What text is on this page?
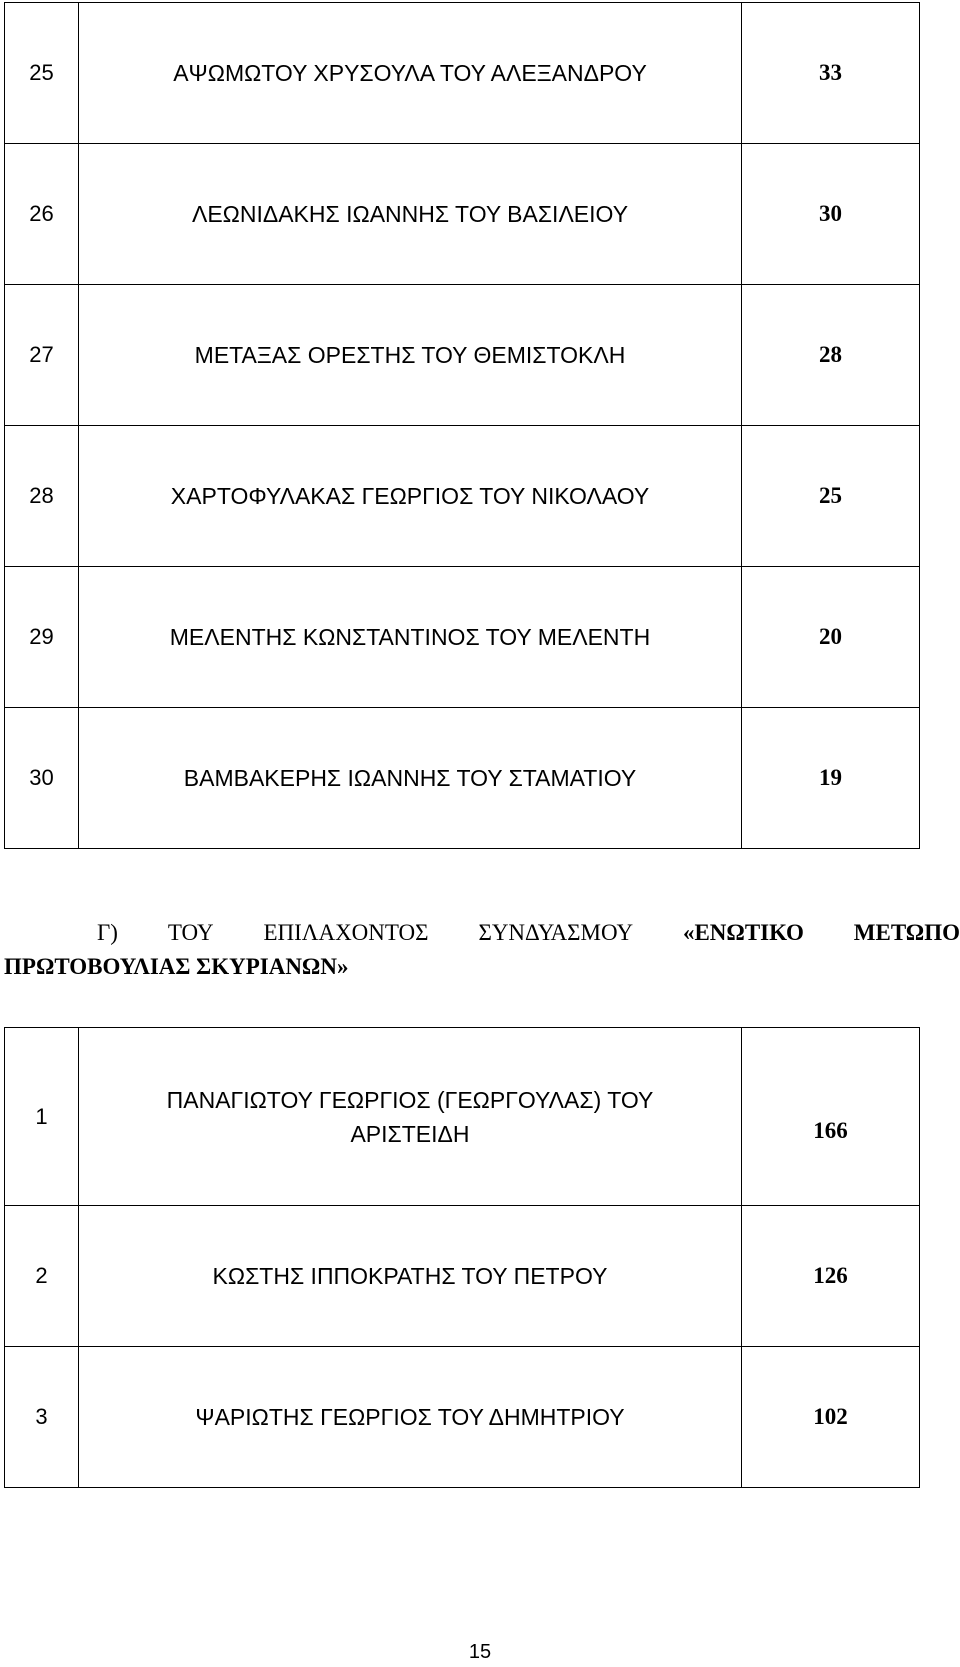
25	ΑΨΩΜΩΤΟΥ ΧΡΥΣΟΥΛΑ ΤΟΥ ΑΛΕΞΑΝΔΡΟΥ	33
26	ΛΕΩΝΙΔΑΚΗΣ ΙΩΑΝΝΗΣ ΤΟΥ ΒΑΣΙΛΕΙΟΥ	30
27	ΜΕΤΑΞΑΣ ΟΡΕΣΤΗΣ ΤΟΥ ΘΕΜΙΣΤΟΚΛΗ	28
28	ΧΑΡΤΟΦΥΛΑΚΑΣ ΓΕΩΡΓΙΟΣ ΤΟΥ ΝΙΚΟΛΑΟΥ	25
29	ΜΕΛΕΝΤΗΣ ΚΩΝΣΤΑΝΤΙΝΟΣ ΤΟΥ ΜΕΛΕΝΤΗ	20
30	ΒΑΜΒΑΚΕΡΗΣ ΙΩΑΝΝΗΣ ΤΟΥ ΣΤΑΜΑΤΙΟΥ	19
Γ) ΤΟΥ ΕΠΙΛΑΧΟΝΤΟΣ ΣΥΝΔΥΑΣΜΟΥ «ΕΝΩΤΙΚΟ ΜΕΤΩΠΟ
ΠΡΩΤΟΒΟΥΛΙΑΣ ΣΚΥΡΙΑΝΩΝ»
1	ΠΑΝΑΓΙΩΤΟΥ ΓΕΩΡΓΙΟΣ (ΓΕΩΡΓΟΥΛΑΣ) ΤΟΥ
ΑΡΙΣΤΕΙΔΗ	166
2	ΚΩΣΤΗΣ ΙΠΠΟΚΡΑΤΗΣ ΤΟΥ ΠΕΤΡΟΥ	126
3	ΨΑΡΙΩΤΗΣ ΓΕΩΡΓΙΟΣ ΤΟΥ ΔΗΜΗΤΡΙΟΥ	102
15
